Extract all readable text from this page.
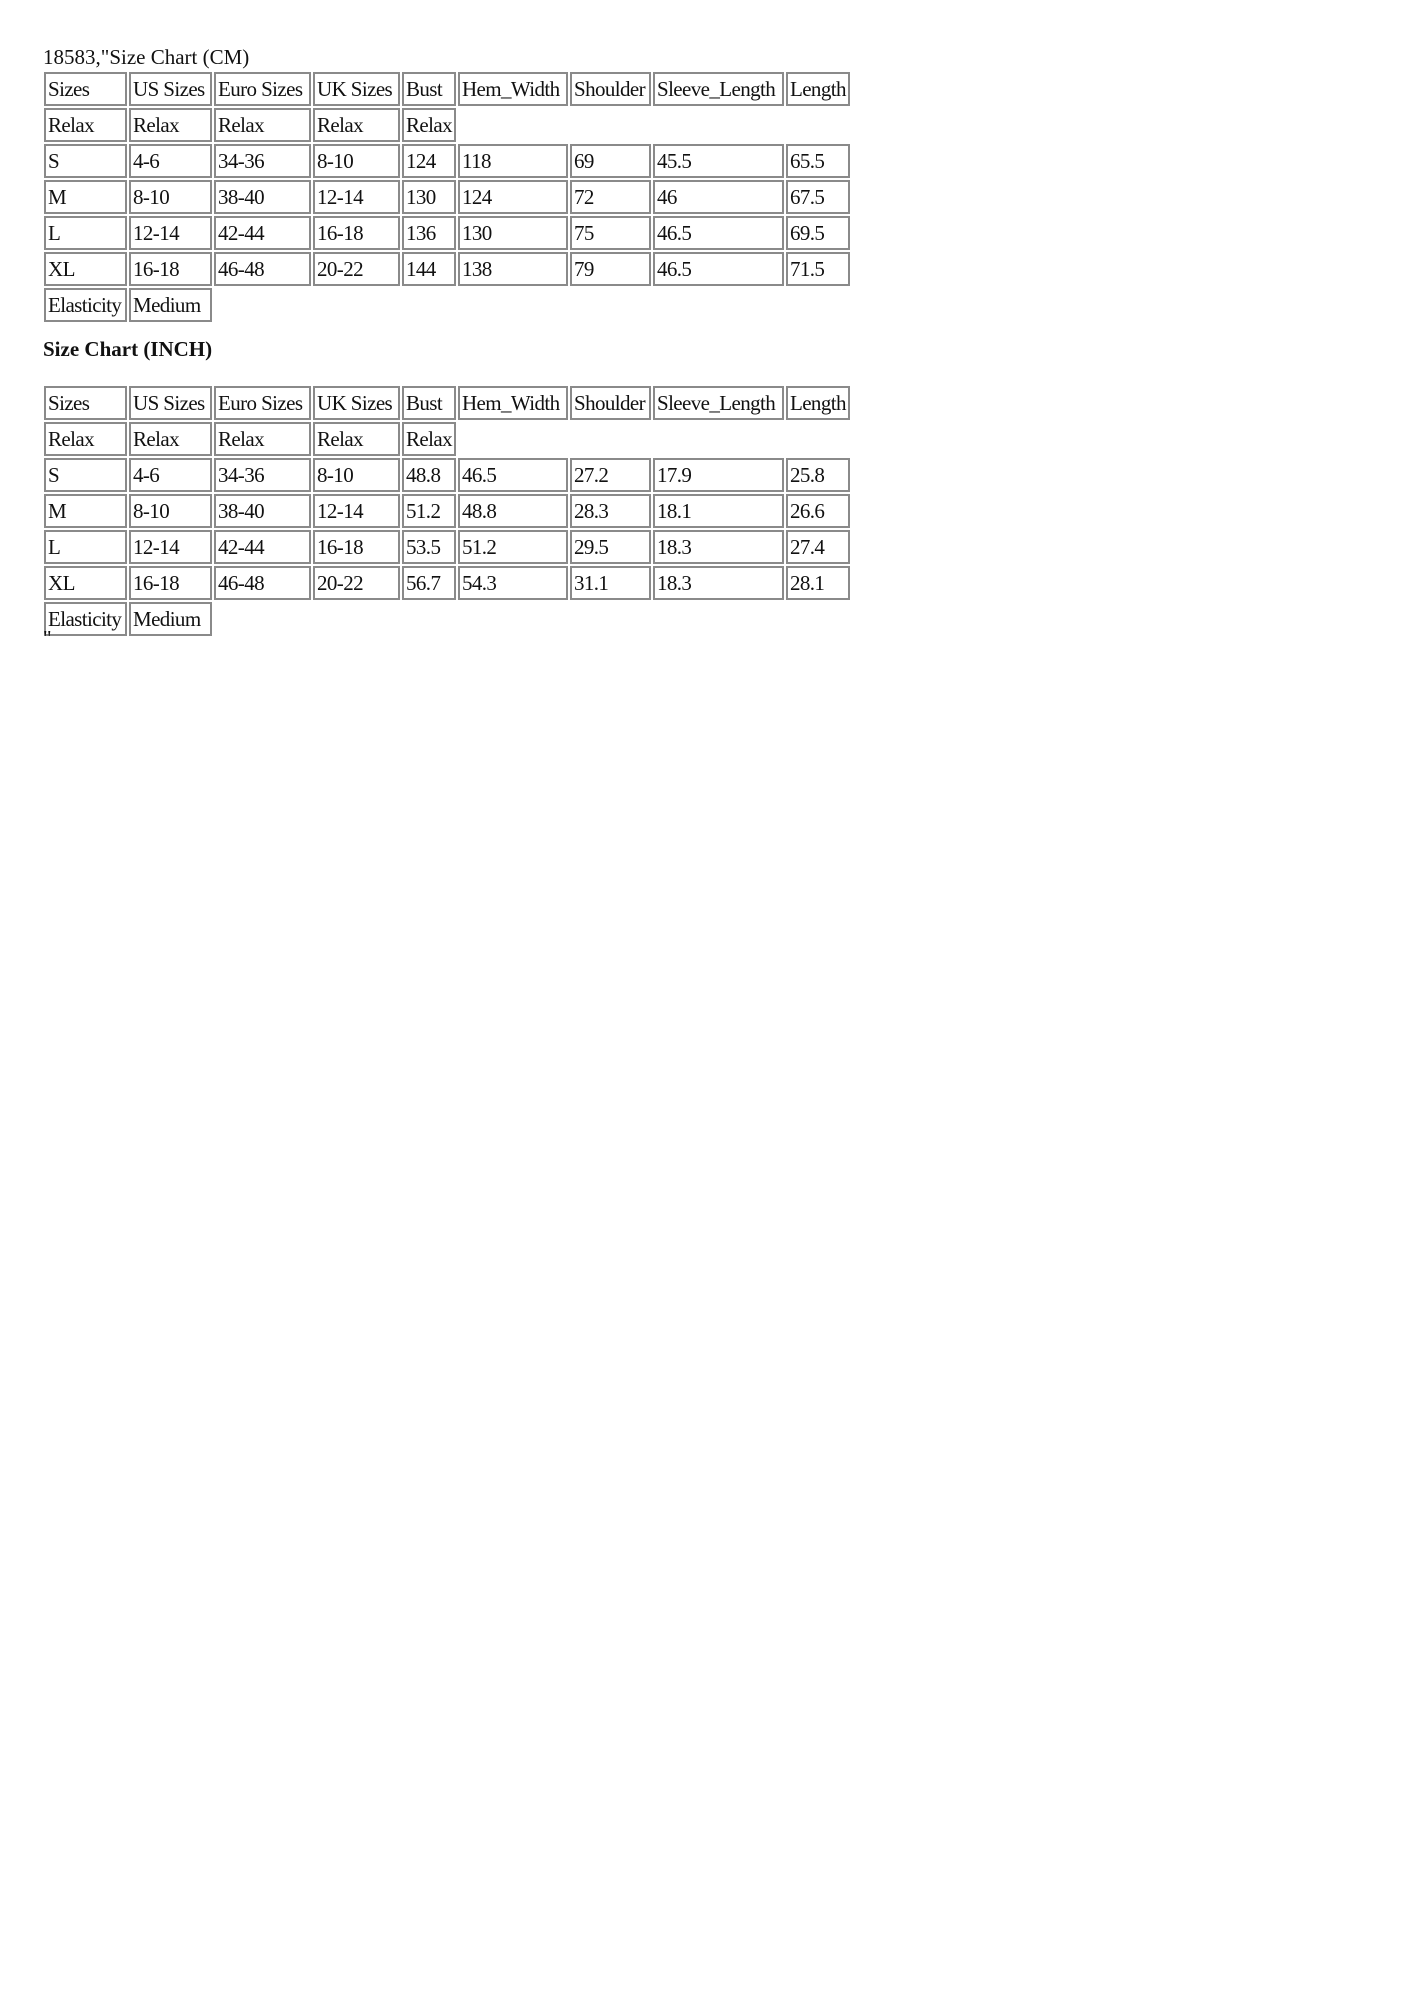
18583,"Size Chart (CM)
Sizes	US Sizes	Euro Sizes	UK Sizes	Bust	Hem_Width	Shoulder	Sleeve_Length	Length
Relax	Relax	Relax	Relax	Relax				
S	4-6	34-36	8-10	124	118	69	45.5	65.5
M	8-10	38-40	12-14	130	124	72	46	67.5
L	12-14	42-44	16-18	136	130	75	46.5	69.5
XL	16-18	46-48	20-22	144	138	79	46.5	71.5
Elasticity	Medium							
Size Chart (INCH)
Sizes	US Sizes	Euro Sizes	UK Sizes	Bust	Hem_Width	Shoulder	Sleeve_Length	Length
Relax	Relax	Relax	Relax	Relax				
S	4-6	34-36	8-10	48.8	46.5	27.2	17.9	25.8
M	8-10	38-40	12-14	51.2	48.8	28.3	18.1	26.6
L	12-14	42-44	16-18	53.5	51.2	29.5	18.3	27.4
XL	16-18	46-48	20-22	56.7	54.3	31.1	18.3	28.1
Elasticity	Medium							
"
